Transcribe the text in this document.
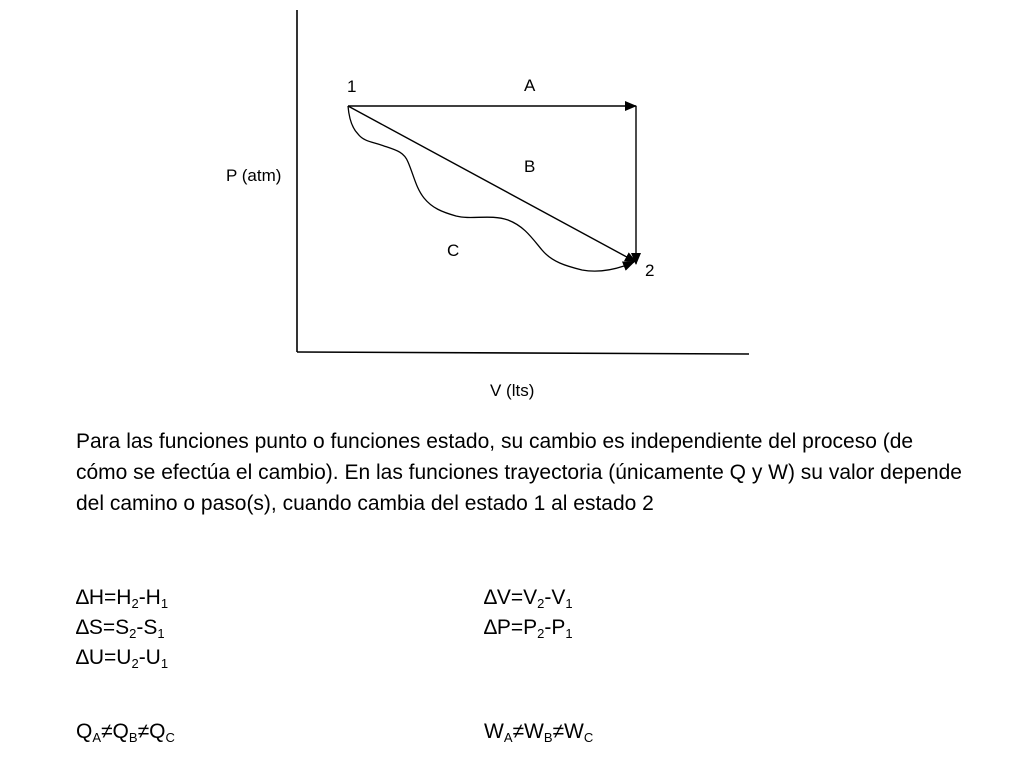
1
2
A
B
C
P (atm)
V (lts)

Para las funciones punto o funciones estado, su cambio es independiente del proceso (de cómo se efectúa el cambio). En las funciones trayectoria (únicamente Q y W) su valor depende del camino o paso(s), cuando cambia del estado 1 al estado 2

$\Delta H=H_2-H_1$
$\Delta S=S_2-S_1$
$\Delta U=U_2-U_1$
$\Delta V=V_2-V_1$
$\Delta P=P_2-P_1$
$Q_A\ne Q_B\ne Q_C$	$W_A\ne W_B\ne W_C$
